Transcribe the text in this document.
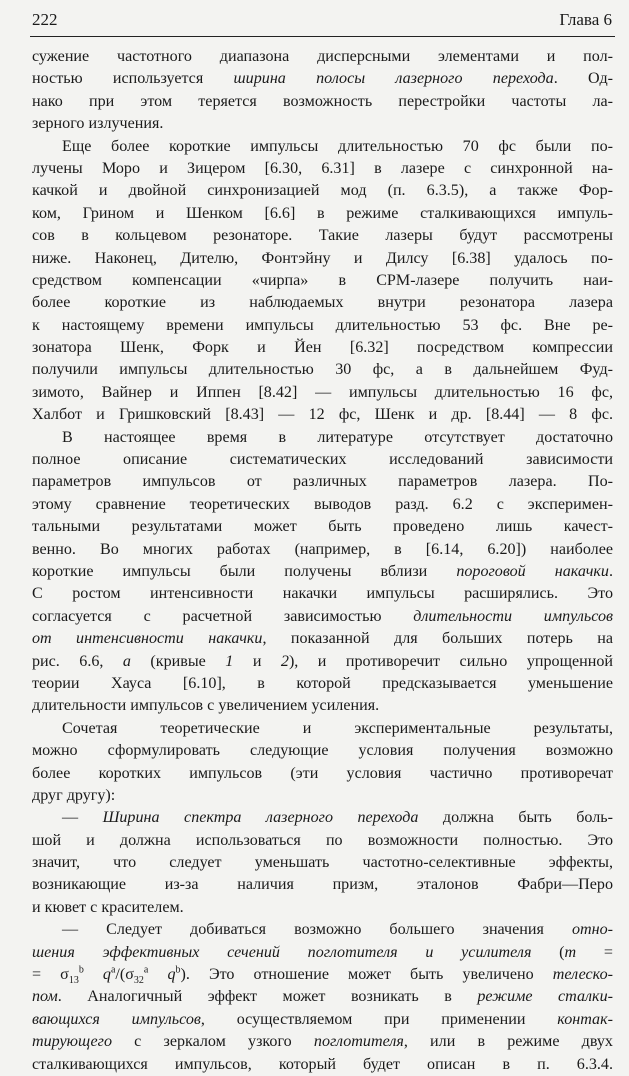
222	Глава 6

сужение частотного диапазона дисперсными элементами и пол-
ностью используется ширина полосы лазерного перехода. Од-
нако при этом теряется возможность перестройки частоты ла-
зерного излучения.

Еще более короткие импульсы длительностью 70 фс были по-
лучены Моро и Зицером [6.30, 6.31] в лазере с синхронной на-
качкой и двойной синхронизацией мод (п. 6.3.5), а также Фор-
ком, Грином и Шенком [6.6] в режиме сталкивающихся импуль-
сов в кольцевом резонаторе. Такие лазеры будут рассмотрены
ниже. Наконец, Дителю, Фонтэйну и Дилсу [6.38] удалось по-
средством компенсации «чирпа» в CPM-лазере получить наи-
более короткие из наблюдаемых внутри резонатора лазера
к настоящему времени импульсы длительностью 53 фс. Вне ре-
зонатора Шенк, Форк и Йен [6.32] посредством компрессии
получили импульсы длительностью 30 фс, а в дальнейшем Фуд-
зимото, Вайнер и Иппен [8.42] — импульсы длительностью 16 фс,
Халбот и Гришковский [8.43] — 12 фс, Шенк и др. [8.44] — 8 фс.

В настоящее время в литературе отсутствует достаточно
полное описание систематических исследований зависимости
параметров импульсов от различных параметров лазера. По-
этому сравнение теоретических выводов разд. 6.2 с эксперимен-
тальными результатами может быть проведено лишь качест-
венно. Во многих работах (например, в [6.14, 6.20]) наиболее
короткие импульсы были получены вблизи пороговой накачки.
С ростом интенсивности накачки импульсы расширялись. Это
согласуется с расчетной зависимостью длительности импульсов
от интенсивности накачки, показанной для больших потерь на
рис. 6.6, а (кривые 1 и 2), и противоречит сильно упрощенной
теории Хауса [6.10], в которой предсказывается уменьшение
длительности импульсов с увеличением усиления.

Сочетая теоретические и экспериментальные результаты,
можно сформулировать следующие условия получения возможно
более коротких импульсов (эти условия частично противоречат
друг другу):

— Ширина спектра лазерного перехода должна быть боль-
шой и должна использоваться по возможности полностью. Это
значит, что следует уменьшать частотно-селективные эффекты,
возникающие из-за наличия призм, эталонов Фабри—Перо
и кювет с красителем.

— Следует добиваться возможно большего значения отно-
шения эффективных сечений поглотителя и усилителя (m =
= $\sigma_{13}^b$ $q^a/(\sigma_{32}^a$ $q^b$). Это отношение может быть увеличено телеско-
пом. Аналогичный эффект может возникать в режиме сталки-
вающихся импульсов, осуществляемом при применении контак-
тирующего с зеркалом узкого поглотителя, или в режиме двух
сталкивающихся импульсов, который будет описан в п. 6.3.4.
